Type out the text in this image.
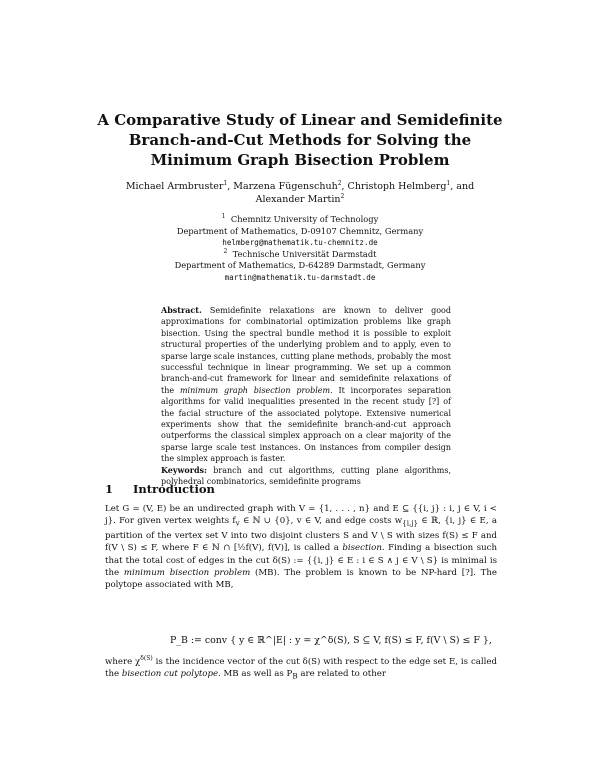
A Comparative Study of Linear and Semidefinite
Branch-and-Cut Methods for Solving the
Minimum Graph Bisection Problem
Michael Armbruster$^1$, Marzena Fügenschuh$^2$, Christoph Helmberg$^1$, and
Alexander Martin$^2$
$^1$ Chemnitz University of Technology
Department of Mathematics, D-09107 Chemnitz, Germany
helmberg@mathematik.tu-chemnitz.de
$^2$ Technische Universität Darmstadt
Department of Mathematics, D-64289 Darmstadt, Germany
martin@mathematik.tu-darmstadt.de

Abstract. Semidefinite relaxations are known to deliver good approximations for combinatorial optimization problems like graph bisection. Using the spectral bundle method it is possible to exploit structural properties of the underlying problem and to apply, even to sparse large scale instances, cutting plane methods, probably the most successful technique in linear programming. We set up a common branch-and-cut framework for linear and semidefinite relaxations of the minimum graph bisection problem. It incorporates separation algorithms for valid inequalities presented in the recent study [?] of the facial structure of the associated polytope. Extensive numerical experiments show that the semidefinite branch-and-cut approach outperforms the classical simplex approach on a clear majority of the sparse large scale test instances. On instances from compiler design the simplex approach is faster.

Keywords: branch and cut algorithms, cutting plane algorithms, polyhedral combinatorics, semidefinite programs

1 Introduction

Let G = (V, E) be an undirected graph with V = {1, . . . , n} and E ⊆ {{i, j} : i, j ∈ V, i < j}. For given vertex weights $f_v$ ∈ ℕ ∪ {0}, v ∈ V, and edge costs $w_{\{i,j\}}$ ∈ ℝ, {i, j} ∈ E, a partition of the vertex set V into two disjoint clusters S and V \ S with sizes f(S) ≤ F and f(V \ S) ≤ F, where F ∈ ℕ ∩ [½f(V), f(V)], is called a bisection. Finding a bisection such that the total cost of edges in the cut δ(S) := {{i, j} ∈ E : i ∈ S ∧ j ∈ V \ S} is minimal is the minimum bisection problem (MB). The problem is known to be NP-hard [?]. The polytope associated with MB,

P_B := conv { y ∈ ℝ^|E| : y = χ^δ(S), S ⊆ V, f(S) ≤ F, f(V \ S) ≤ F },

where $\chi^{\delta(S)}$ is the incidence vector of the cut δ(S) with respect to the edge set E, is called the bisection cut polytope. MB as well as $P_B$ are related to other
